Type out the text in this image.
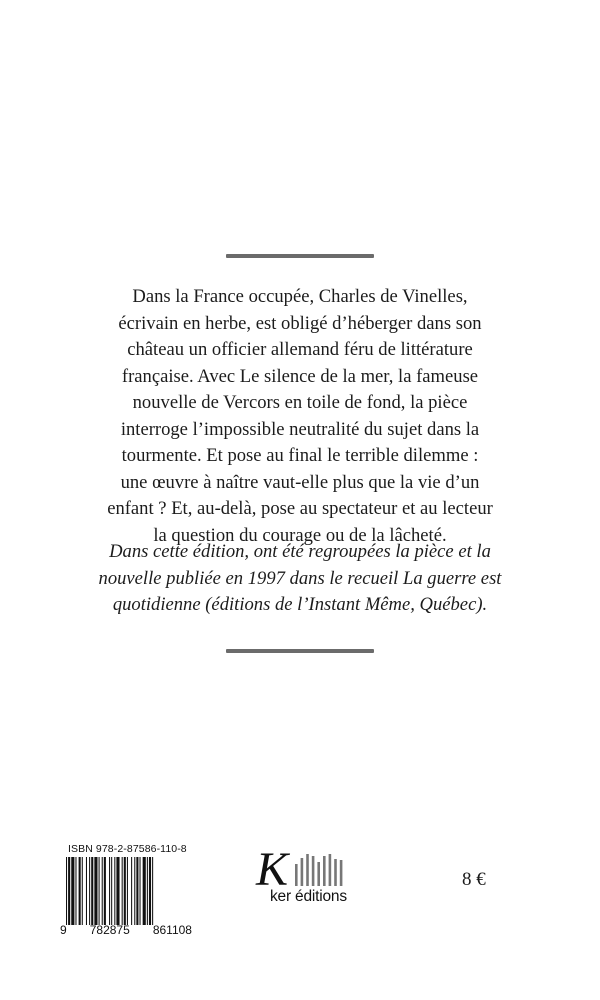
Dans la France occupée, Charles de Vinelles,
écrivain en herbe, est obligé d’héberger dans son
château un officier allemand féru de littérature
française. Avec Le silence de la mer, la fameuse
nouvelle de Vercors en toile de fond, la pièce
interroge l’impossible neutralité du sujet dans la
tourmente. Et pose au final le terrible dilemme :
une œuvre à naître vaut-elle plus que la vie d’un
enfant ? Et, au-delà, pose au spectateur et au lecteur
la question du courage ou de la lâcheté.

Dans cette édition, ont été regroupées la pièce et la
nouvelle publiée en 1997 dans le recueil La guerre est
quotidienne (éditions de l’Instant Même, Québec).

ISBN 978-2-87586-110-8
9 782875 861108
K
ker éditions
8 €
